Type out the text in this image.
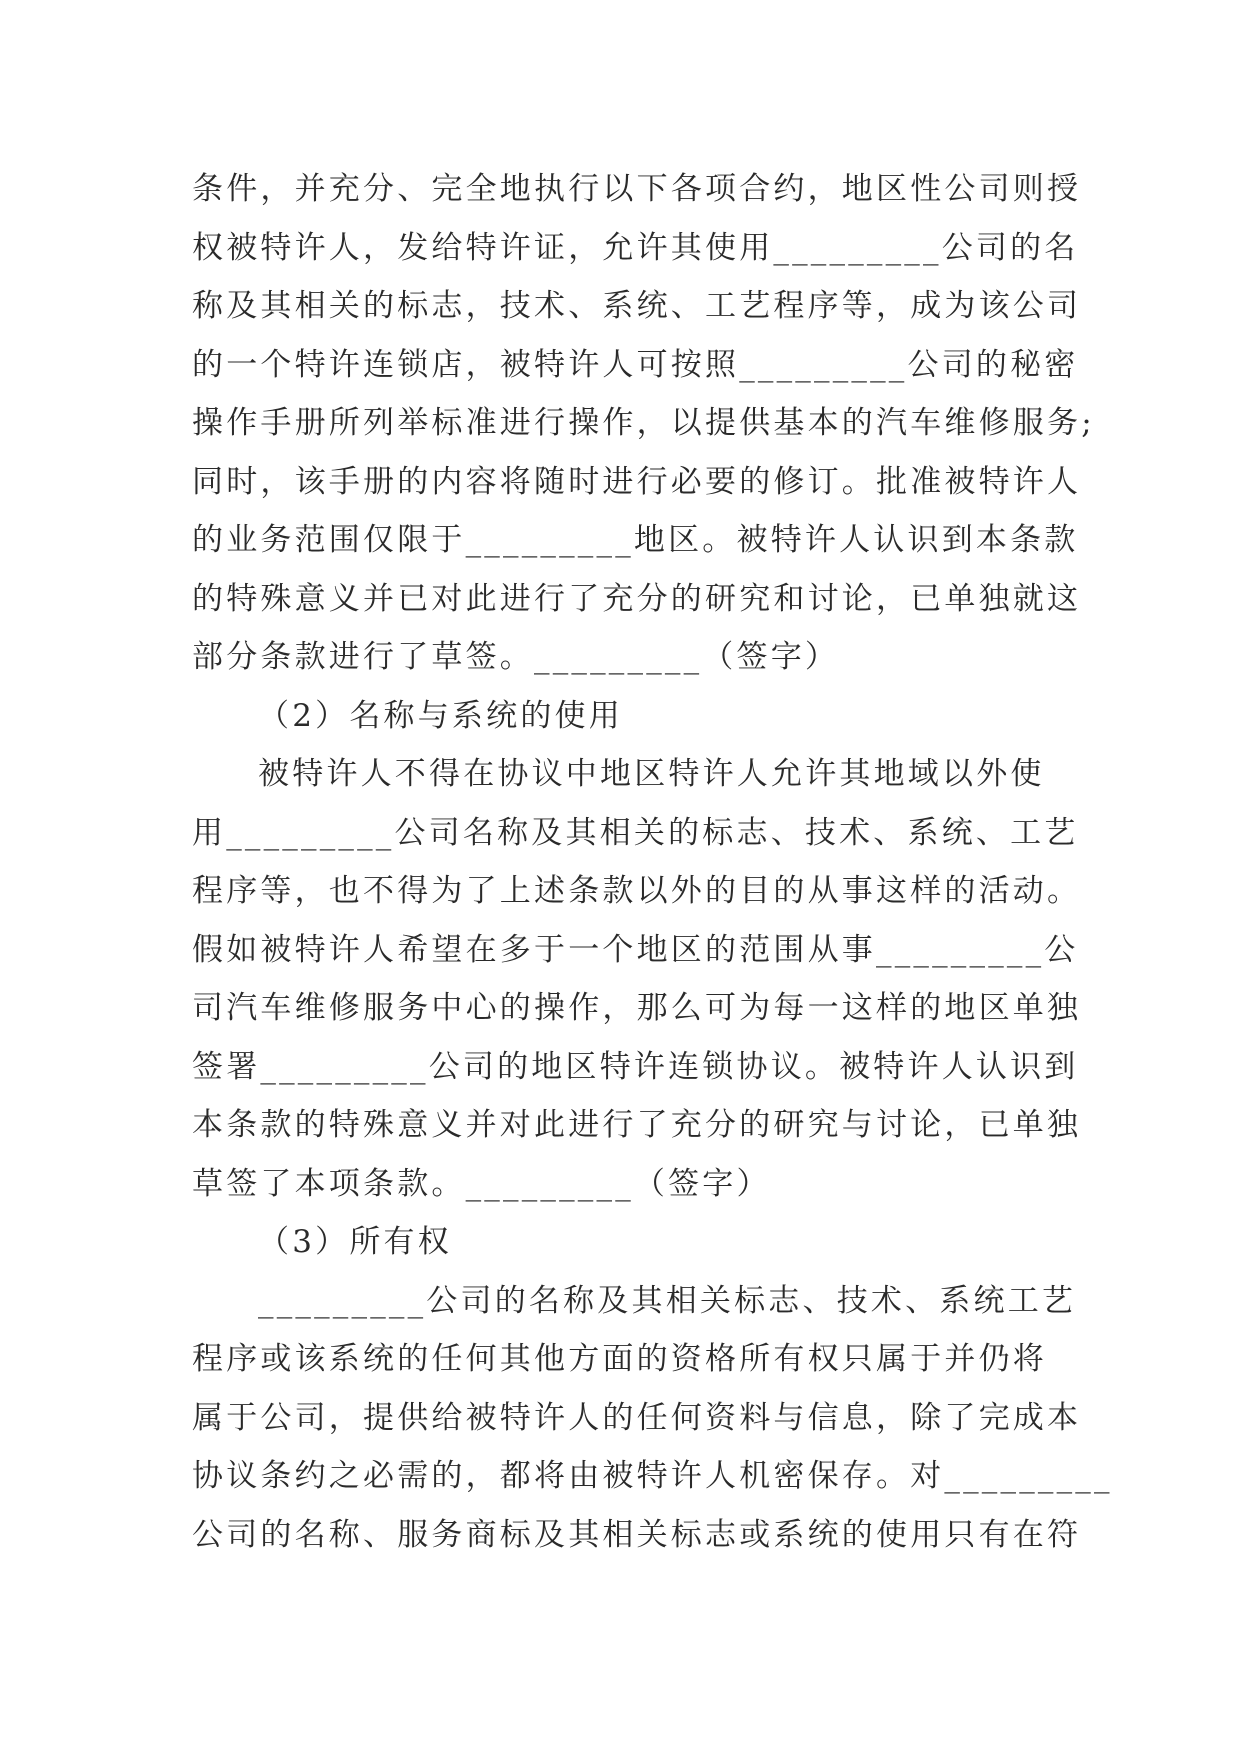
条件，并充分、完全地执行以下各项合约，地区性公司则授
权被特许人，发给特许证，允许其使用_________公司的名
称及其相关的标志，技术、系统、工艺程序等，成为该公司
的一个特许连锁店，被特许人可按照_________公司的秘密
操作手册所列举标准进行操作，以提供基本的汽车维修服务;
同时，该手册的内容将随时进行必要的修订。批准被特许人
的业务范围仅限于_________地区。被特许人认识到本条款
的特殊意义并已对此进行了充分的研究和讨论，已单独就这
部分条款进行了草签。_________（签字）
（2）名称与系统的使用
被特许人不得在协议中地区特许人允许其地域以外使
用_________公司名称及其相关的标志、技术、系统、工艺
程序等，也不得为了上述条款以外的目的从事这样的活动。
假如被特许人希望在多于一个地区的范围从事_________公
司汽车维修服务中心的操作，那么可为每一这样的地区单独
签署_________公司的地区特许连锁协议。被特许人认识到
本条款的特殊意义并对此进行了充分的研究与讨论，已单独
草签了本项条款。_________（签字）
（3）所有权
_________公司的名称及其相关标志、技术、系统工艺
程序或该系统的任何其他方面的资格所有权只属于并仍将
属于公司，提供给被特许人的任何资料与信息，除了完成本
协议条约之必需的，都将由被特许人机密保存。对_________
公司的名称、服务商标及其相关标志或系统的使用只有在符
